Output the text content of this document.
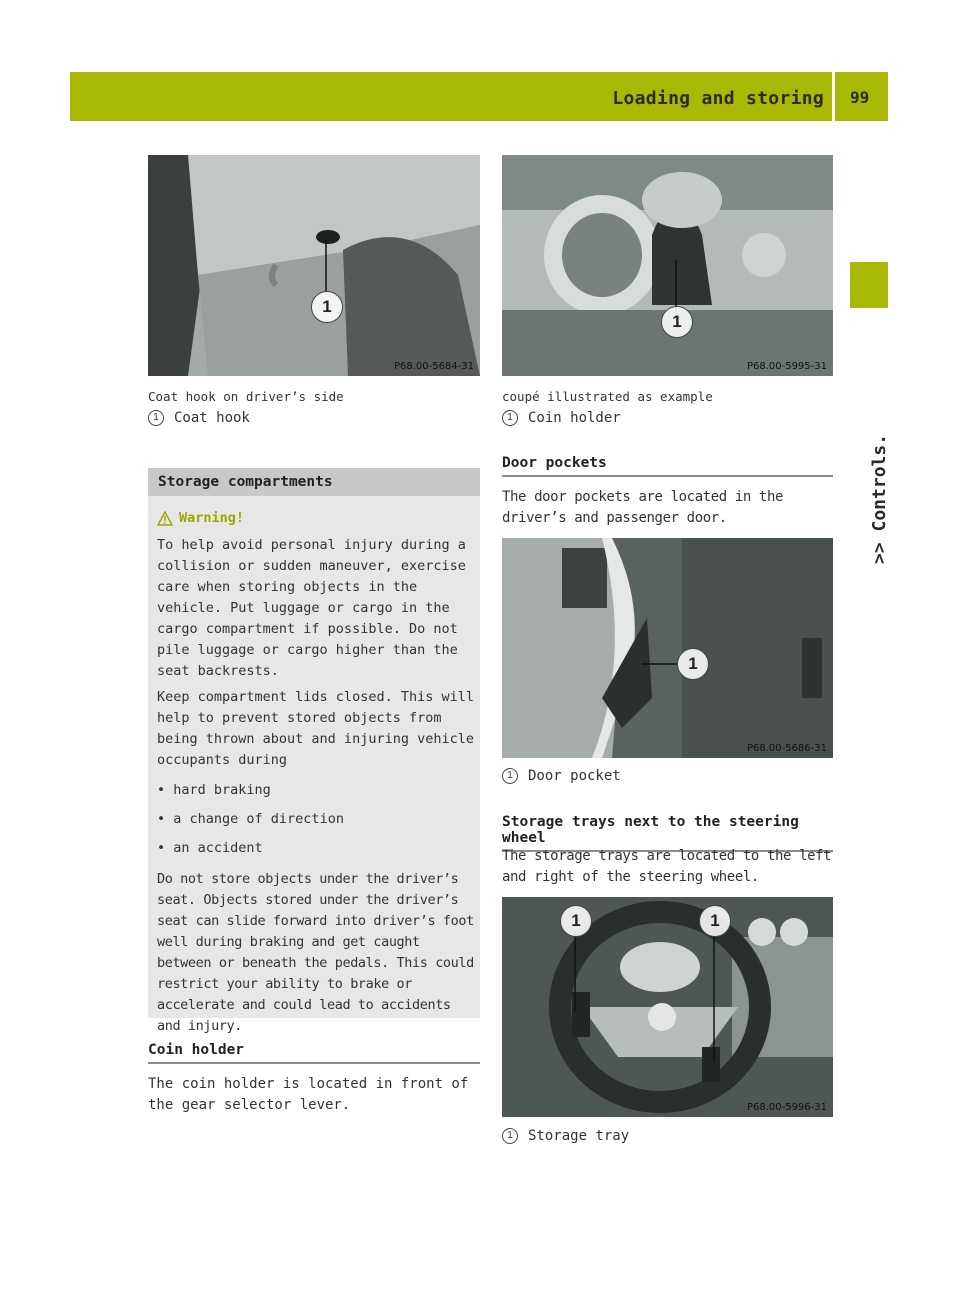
Loading and storing 99
>> Controls.
1
P68.00-5684-31
Coat hook on driver’s side
1	Coat hook
Storage compartments
Warning!

To help avoid personal injury during a collision or sudden maneuver, exercise care when storing objects in the vehicle. Put luggage or cargo in the cargo compartment if possible. Do not pile luggage or cargo higher than the seat backrests.

Keep compartment lids closed. This will help to prevent stored objects from being thrown about and injuring vehicle occupants during

• hard braking
• a change of direction
• an accident

Do not store objects under the driver’s seat. Objects stored under the driver’s seat can slide forward into driver’s foot well during braking and get caught between or beneath the pedals. This could restrict your ability to brake or accelerate and could lead to accidents and injury.

Coin holder

The coin holder is located in front of the gear selector lever.

1
P68.00-5995-31
coupé illustrated as example
1	Coin holder
Door pockets

The door pockets are located in the driver’s and passenger door.

1
P68.00-5686-31
1	Door pocket
Storage trays next to the steering wheel

The storage trays are located to the left and right of the steering wheel.

1	1
P68.00-5996-31
1	Storage tray
